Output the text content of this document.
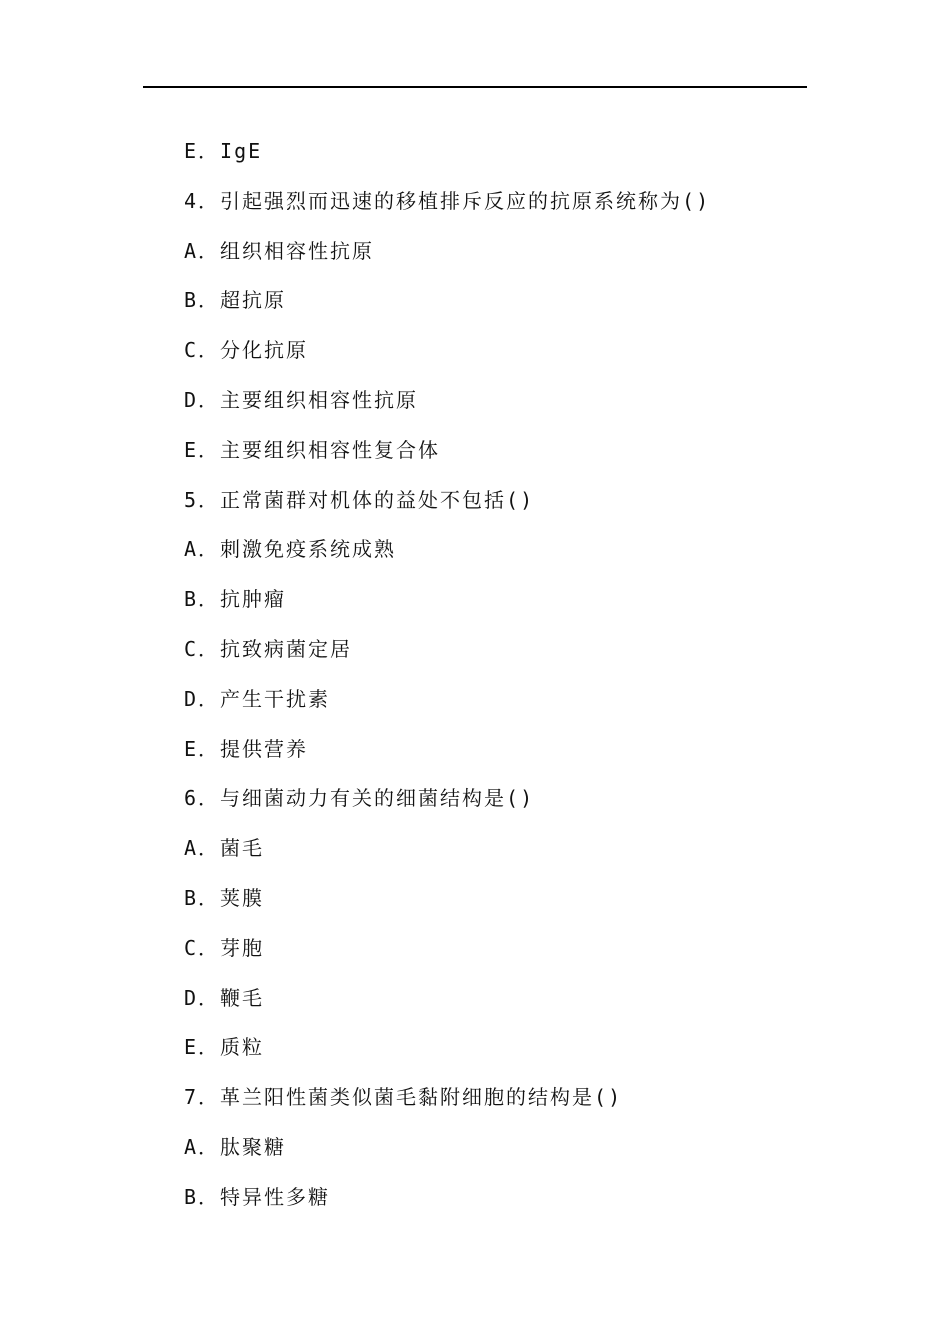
E．IgE
4．引起强烈而迅速的移植排斥反应的抗原系统称为()
A．组织相容性抗原
B．超抗原
C．分化抗原
D．主要组织相容性抗原
E．主要组织相容性复合体
5．正常菌群对机体的益处不包括()
A．刺激免疫系统成熟
B．抗肿瘤
C．抗致病菌定居
D．产生干扰素
E．提供营养
6．与细菌动力有关的细菌结构是()
A．菌毛
B．荚膜
C．芽胞
D．鞭毛
E．质粒
7．革兰阳性菌类似菌毛黏附细胞的结构是()
A．肽聚糖
B．特异性多糖
